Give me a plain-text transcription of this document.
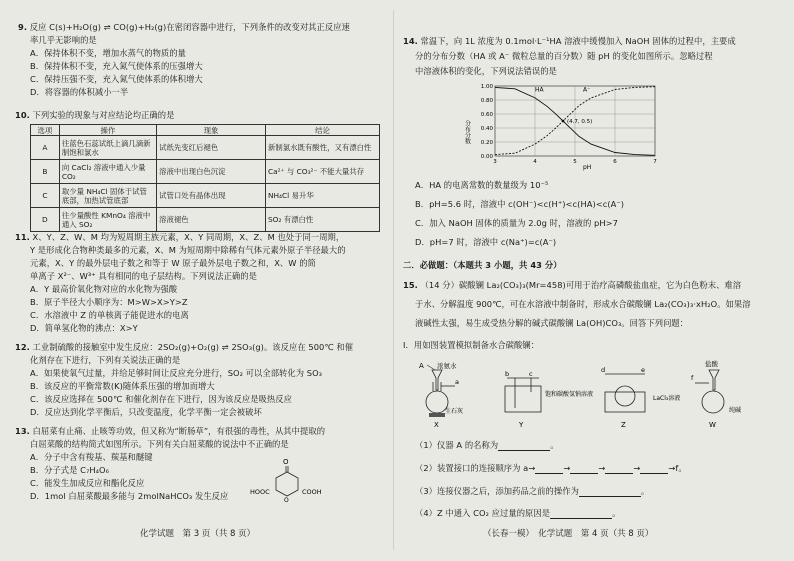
9. 反应 C(s)+H₂O(g) ⇌ CO(g)+H₂(g)在密闭容器中进行，下列条件的改变对其正反应速
率几乎无影响的是
A．保持体积不变，增加水蒸气的物质的量
B．保持体积不变，充入氮气使体系的压强增大
C．保持压强不变，充入氮气使体系的体积增大
D．将容器的体积减小一半
10. 下列实验的现象与对应结论均正确的是
选项	操作	现象	结论
A	往蓝色石蕊试纸上滴几滴新制饱和氯水	试纸先变红后褪色	新制氯水既有酸性，又有漂白性
B	向 CaCl₂ 溶液中通入少量 CO₂	溶液中出现白色沉淀	Ca²⁺ 与 CO₃²⁻ 不能大量共存
C	取少量 NH₄Cl 固体于试管底部，加热试管底部	试管口处有晶体出现	NH₄Cl 易升华
D	往少量酸性 KMnO₄ 溶液中通入 SO₂	溶液褪色	SO₂ 有漂白性
11. X、Y、Z、W、M 均为短周期主族元素，X、Y 同周期，X、Z、M 也处于同一周期，
Y 是形成化合物种类最多的元素，X、M 为短周期中除稀有气体元素外原子半径最大的
元素，X、Y 的最外层电子数之和等于 W 原子最外层电子数之和，X、W 的简
单离子 X²⁻、W³⁺ 具有相同的电子层结构。下列说法正确的是
A．Y 最高价氧化物对应的水化物为强酸
B．原子半径大小顺序为：M>W>X>Y>Z
C．水溶液中 Z 的单核离子能促进水的电离
D．简单氢化物的沸点：X>Y
12. 工业制硫酸的接触室中发生反应：2SO₂(g)+O₂(g) ⇌ 2SO₃(g)。该反应在 500℃ 和催
化剂存在下进行，下列有关说法正确的是
A．如果使氧气过量，并给足够时间让反应充分进行，SO₂ 可以全部转化为 SO₃
B．该反应的平衡常数(K)随体系压强的增加而增大
C．该反应选择在 500℃ 和催化剂存在下进行，因为该反应是吸热反应
D．反应达到化学平衡后，只改变温度，化学平衡一定会被破坏
13. 白屈菜有止痛、止咳等功效，但又称为“断肠草”，有很强的毒性，从其中提取的
白屈菜酸的结构简式如图所示。下列有关白屈菜酸的说法中不正确的是
A．分子中含有羧基、羰基和醚键
B．分子式是 C₇H₄O₆
C．能发生加成反应和酯化反应
D．1mol 白屈菜酸最多能与 2molNaHCO₃ 发生反应
O
O
HOOC	COOH
化学试题　第 3 页（共 8 页）
14. 常温下，向 1L 浓度为 0.1mol·L⁻¹HA 溶液中缓慢加入 NaOH 固体的过程中，主要成
分的分布分数（HA 或 A⁻ 微粒总量的百分数）随 pH 的变化如图所示。忽略过程
中溶液体积的变化，下列说法错误的是
0.00
0.20
0.40
0.60
0.80
1.00
3	4	5	6	7
分布分数
pH
HA	A⁻
(4.7, 0.5)
A．HA 的电离常数的数量级为 10⁻⁵
B．pH=5.6 时，溶液中 c(OH⁻)<c(H⁺)<c(HA)<c(A⁻)
C．加入 NaOH 固体的质量为 2.0g 时，溶液的 pH>7
D．pH=7 时，溶液中 c(Na⁺)=c(A⁻)
二．必做题：（本题共 3 小题，共 43 分）
15. （14 分）碳酸镧 La₂(CO₃)₃(Mr=458)可用于治疗高磷酸盐血症，它为白色粉末、难溶
于水、分解温度 900℃，可在水溶液中制备时，形成水合碳酸镧 La₂(CO₃)₃·xH₂O。如果溶
液碱性太强，易生成受热分解的碱式碳酸镧 La(OH)CO₃。回答下列问题：
Ⅰ．用如图装置模拟制备水合碳酸镧：
A 浓氨水
a
生石灰
X
b	c
饱和碳酸氢钠溶液
Y
d	e
LaCl₃溶液
Z
盐酸
f
纯碱
W
（1）仪器 A 的名称为	。
（2）装置接口的连接顺序为 a→	→	→	→	→f。
（3）连接仪器之后，添加药品之前的操作为	。
（4）Z 中通入 CO₂ 应过量的原因是	。
（长春一模）　化学试题　第 4 页（共 8 页）
